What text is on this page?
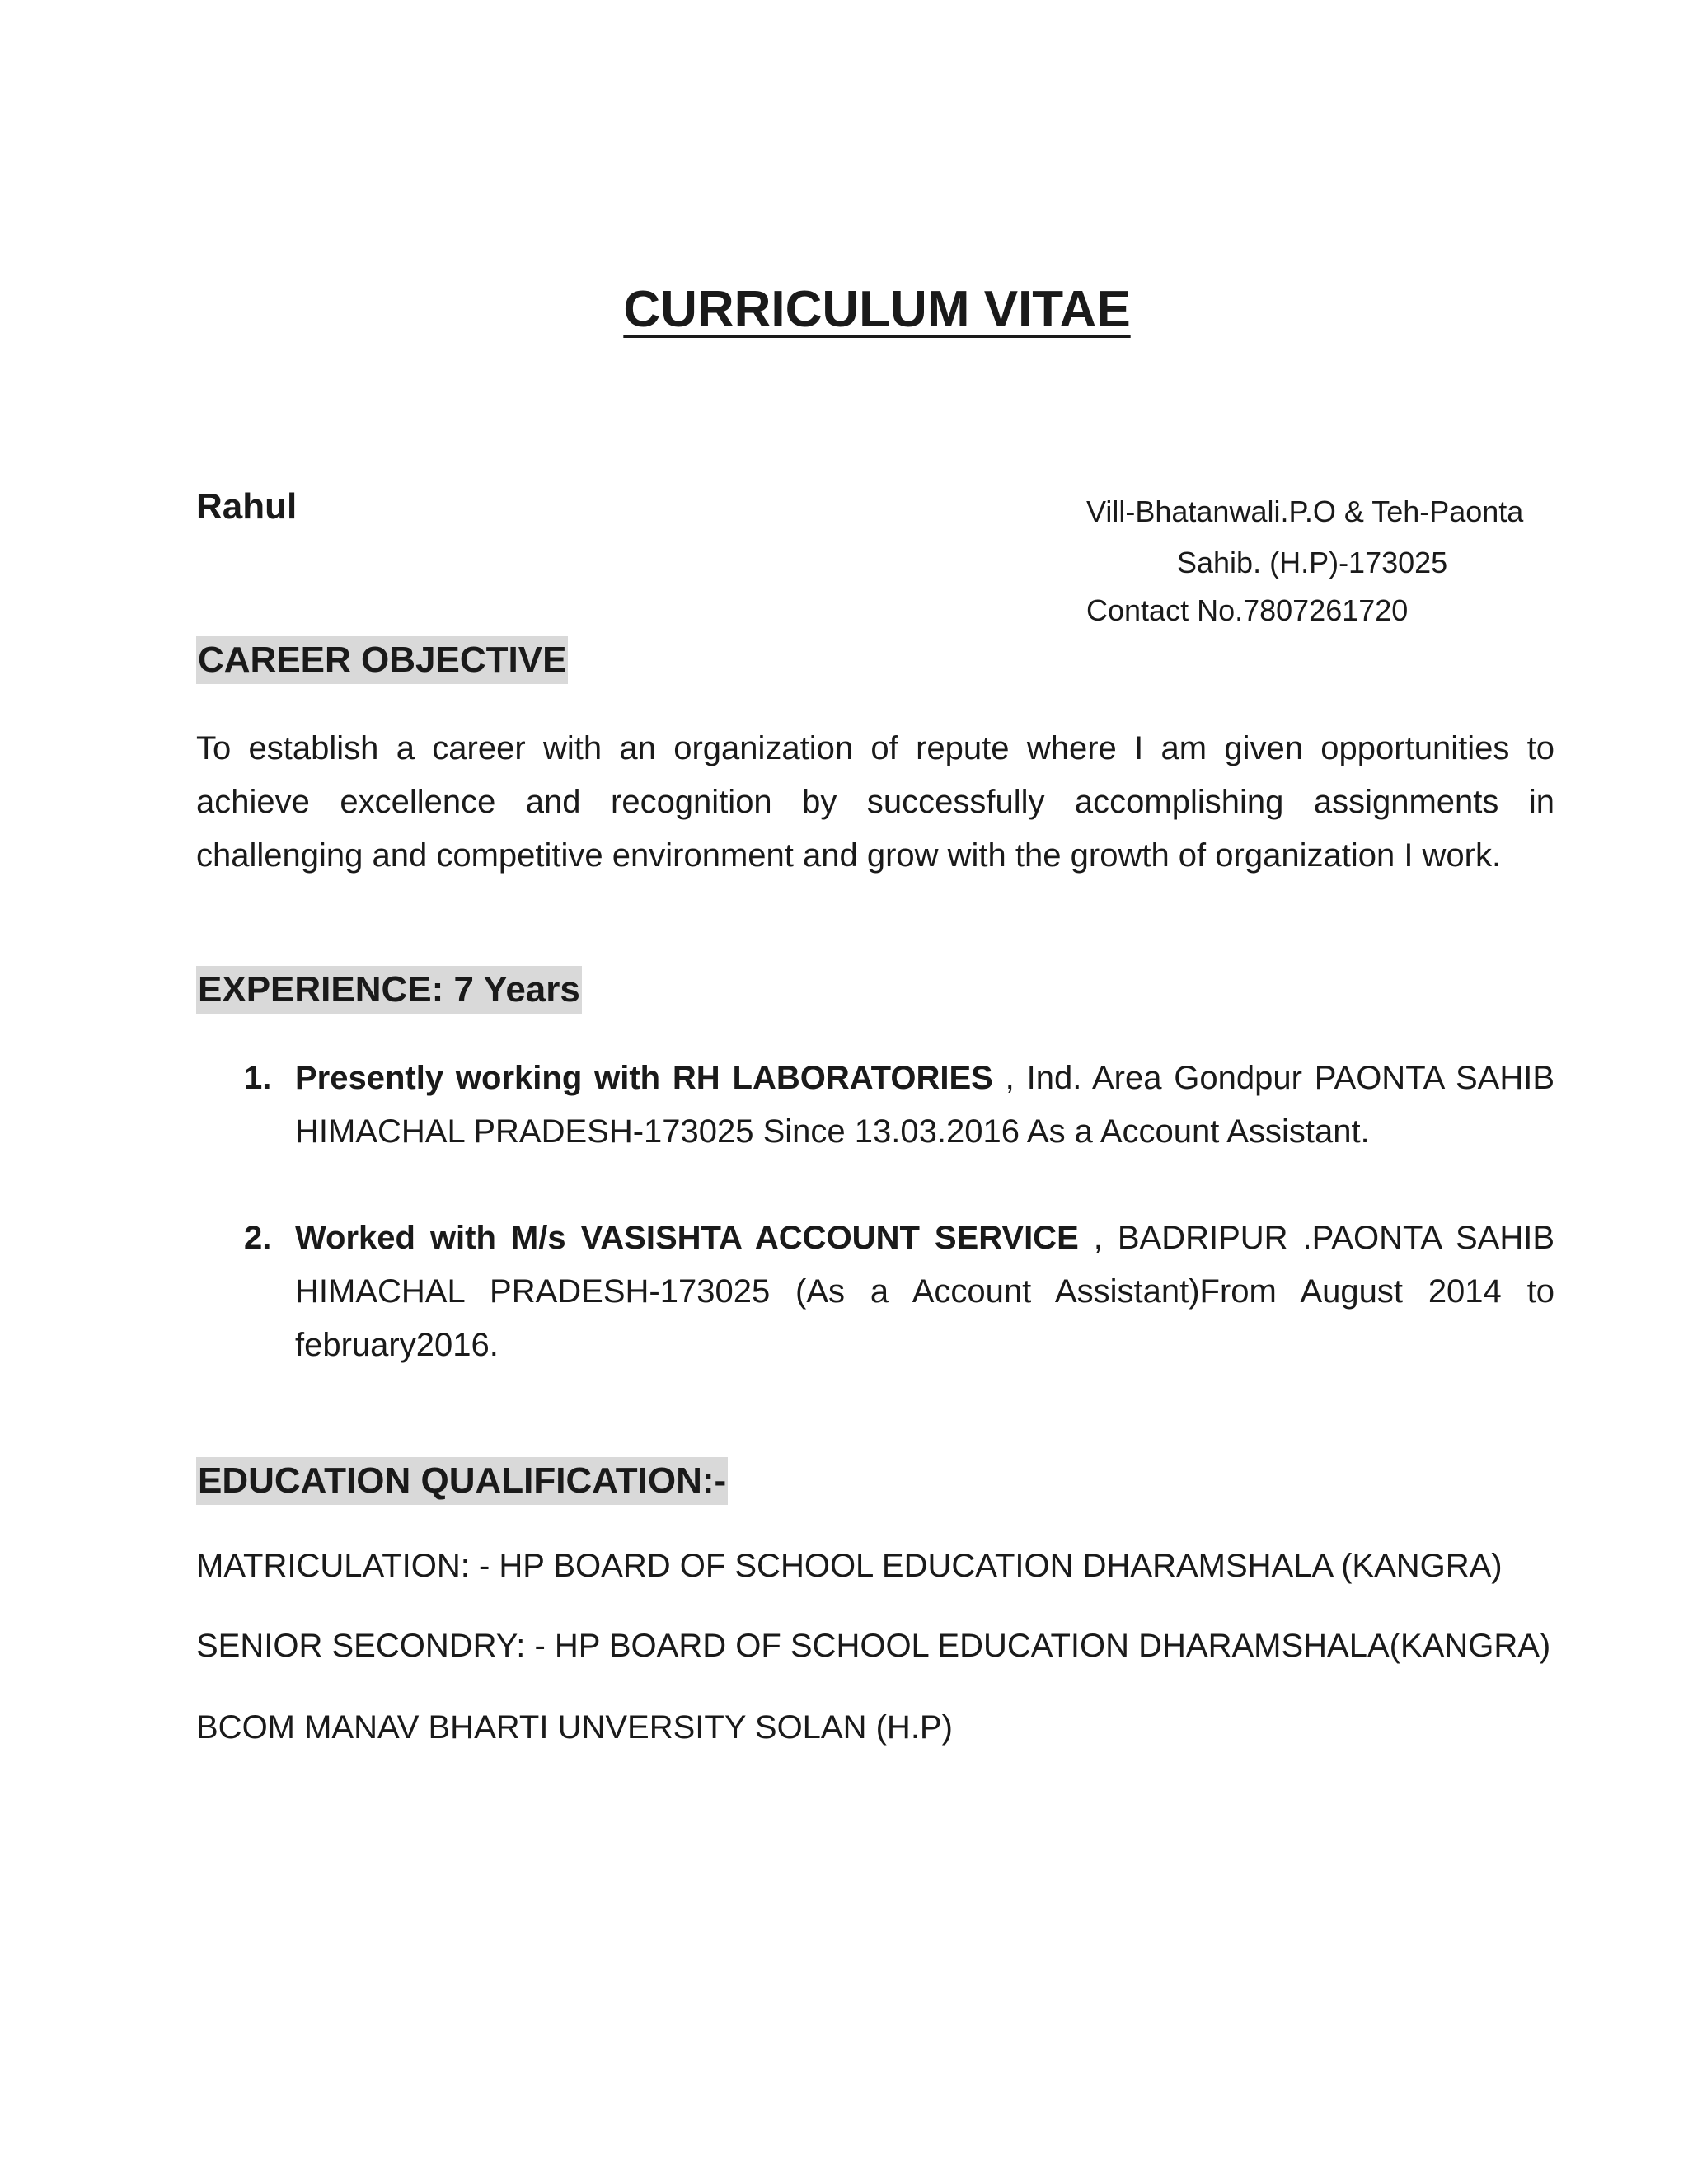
CURRICULUM VITAE
Rahul	Vill-Bhatanwali.P.O & Teh-Paonta
Sahib. (H.P)-173025
Contact No.7807261720
CAREER OBJECTIVE
To establish a career with an organization of repute where I am given opportunities to achieve excellence and recognition by successfully accomplishing assignments in challenging and competitive environment and grow with the growth of organization I work.
EXPERIENCE: 7 Years
1. Presently working with RH LABORATORIES , Ind. Area Gondpur PAONTA SAHIB HIMACHAL PRADESH-173025 Since 13.03.2016 As a Account Assistant.
2. Worked with M/s VASISHTA ACCOUNT SERVICE , BADRIPUR .PAONTA SAHIB HIMACHAL PRADESH-173025 (As a Account Assistant)From August 2014 to february2016.
EDUCATION QUALIFICATION:-
MATRICULATION: - HP BOARD OF SCHOOL EDUCATION DHARAMSHALA (KANGRA)
SENIOR SECONDRY: - HP BOARD OF SCHOOL EDUCATION DHARAMSHALA(KANGRA)
BCOM MANAV BHARTI UNVERSITY SOLAN (H.P)
